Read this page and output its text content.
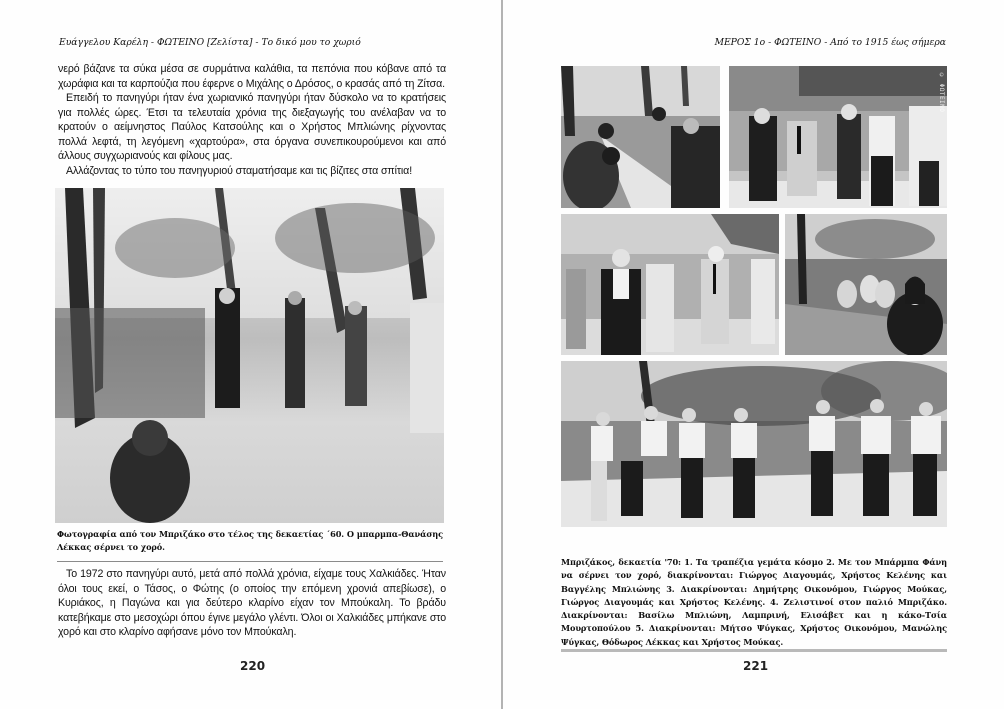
Ευάγγελου Καρέλη - ΦΩΤΕΙΝΟ [Ζελίστα] - Το δικό μου το χωριό

νερό βάζανε τα σύκα μέσα σε συρμάτινα καλάθια, τα πεπόνια που κόβανε από τα χωράφια και τα καρπούζια που έφερνε ο Μιχάλης ο Δρόσος, ο κρασάς από τη Ζίτσα.

Επειδή το πανηγύρι ήταν ένα χωριανικό πανηγύρι ήταν δύσκολο να το κρατήσεις για πολλές ώρες. Έτσι τα τελευταία χρόνια της διεξαγωγής του ανέλαβαν να το κρατούν ο αείμνηστος Παύλος Κατσούλης και ο Χρήστος Μπλιώνης ρίχνοντας πολλά λεφτά, τη λεγόμενη «χαρτούρα», στα όργανα συνεπικουρούμενοι και από άλλους συγχωριανούς και φίλους μας.

Αλλάζοντας το τύπο του πανηγυριού σταματήσαμε και τις βίζιτες στα σπίτια!

Φωτογραφία από τον Μπριζάκο στο τέλος της δεκαετίας ΄60. Ο μπαρμπα-Θανάσης Λέκκας σέρνει το χορό.

Το 1972 στο πανηγύρι αυτό, μετά από πολλά χρόνια, είχαμε τους Χαλκιάδες. Ήταν όλοι τους εκεί, ο Τάσος, ο Φώτης (ο οποίος την επόμενη χρονιά απεβίωσε), ο Κυριάκος, η Παγώνα και για δεύτερο κλαρίνο είχαν τον Μπούκαλη. Το βράδυ κατεβήκαμε στο μεσοχώρι όπου έγινε μεγάλο γλέντι. Όλοι οι Χαλκιάδες μπήκανε στο χορό και στο κλαρίνο αφήσανε μόνο τον Μπούκαλη.

220
ΜΕΡΟΣ 1ο - ΦΩΤΕΙΝΟ - Από το 1915 έως σήμερα
© ΦΩΤΕΙΝΟ
Μπριζάκος, δεκαετία '70: 1. Τα τραπέζια γεμάτα κόσμο 2. Με τον Μπάρμπα Φάνη να σέρνει τον χορό, διακρίνονται: Γιώργος Διαγουμάς, Χρήστος Κελένης και Βαγγέλης Μπλιώνης 3. Διακρίνονται: Δημήτρης Οικονόμου, Γιώργος Μούκας, Γιώργος Διαγουμάς και Χρήστος Κελένης. 4. Ζελιστινοί στον παλιό Μπριζάκο. Διακρίνονται: Βασίλω Μπλιώνη, Λαμπρινή, Ελισάβετ και η κάκο-Τσία Μουρτοπούλου 5. Διακρίνονται: Μήτσο Ψύγκας, Χρήστος Οικονόμου, Μανώλης Ψύγκας, Θόδωρος Λέκκας και Χρήστος Μούκας.
221
